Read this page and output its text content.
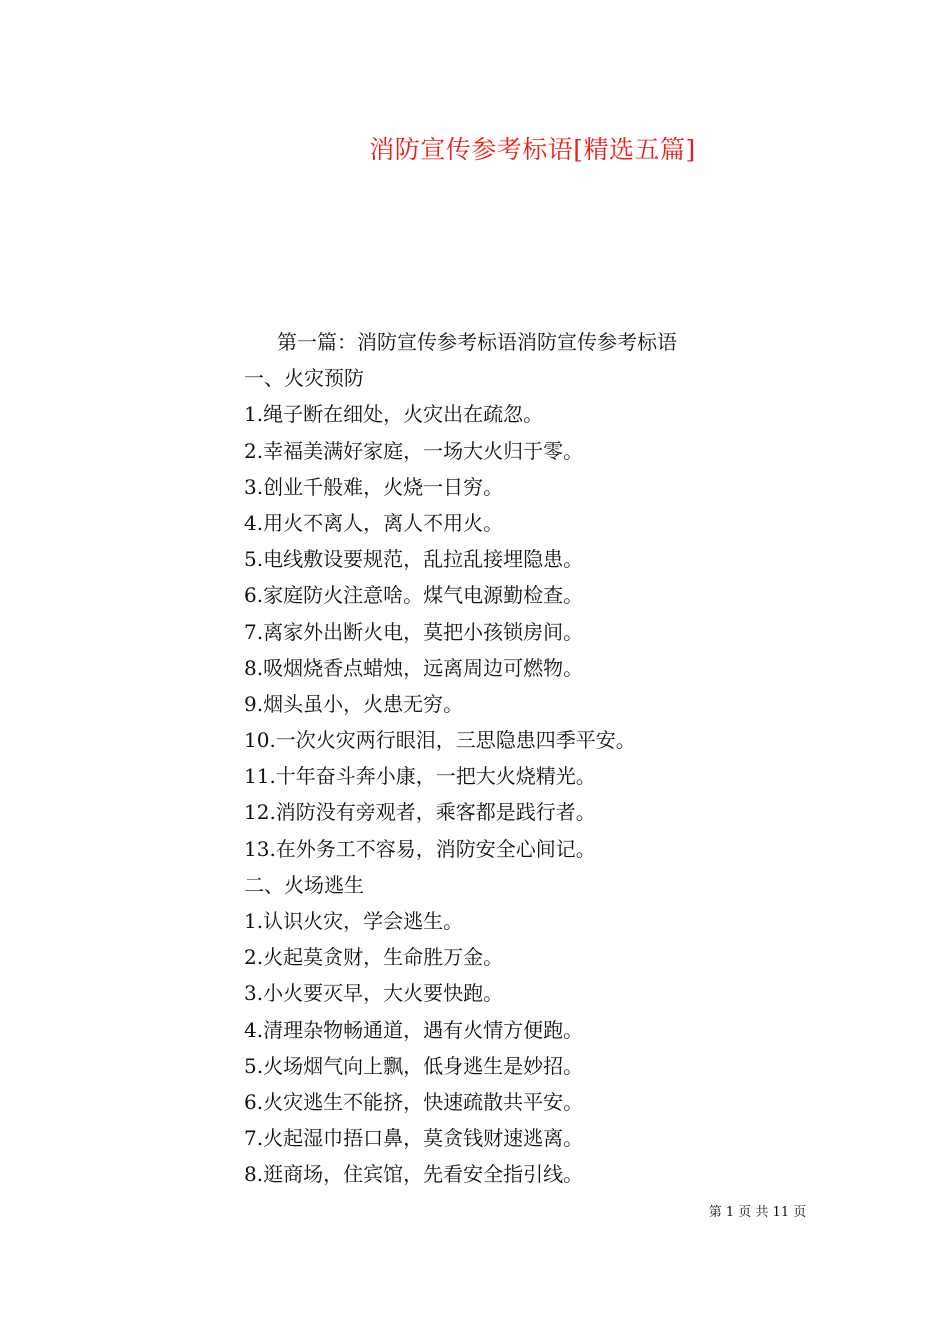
消防宣传参考标语[精选五篇]
第一篇：消防宣传参考标语消防宣传参考标语
一、火灾预防
1.绳子断在细处，火灾出在疏忽。
2.幸福美满好家庭，一场大火归于零。
3.创业千般难，火烧一日穷。
4.用火不离人，离人不用火。
5.电线敷设要规范，乱拉乱接埋隐患。
6.家庭防火注意啥。煤气电源勤检查。
7.离家外出断火电，莫把小孩锁房间。
8.吸烟烧香点蜡烛，远离周边可燃物。
9.烟头虽小，火患无穷。
10.一次火灾两行眼泪，三思隐患四季平安。
11.十年奋斗奔小康，一把大火烧精光。
12.消防没有旁观者，乘客都是践行者。
13.在外务工不容易，消防安全心间记。
二、火场逃生
1.认识火灾，学会逃生。
2.火起莫贪财，生命胜万金。
3.小火要灭早，大火要快跑。
4.清理杂物畅通道，遇有火情方便跑。
5.火场烟气向上飘，低身逃生是妙招。
6.火灾逃生不能挤，快速疏散共平安。
7.火起湿巾捂口鼻，莫贪钱财速逃离。
8.逛商场，住宾馆，先看安全指引线。
第 1 页 共 11 页
